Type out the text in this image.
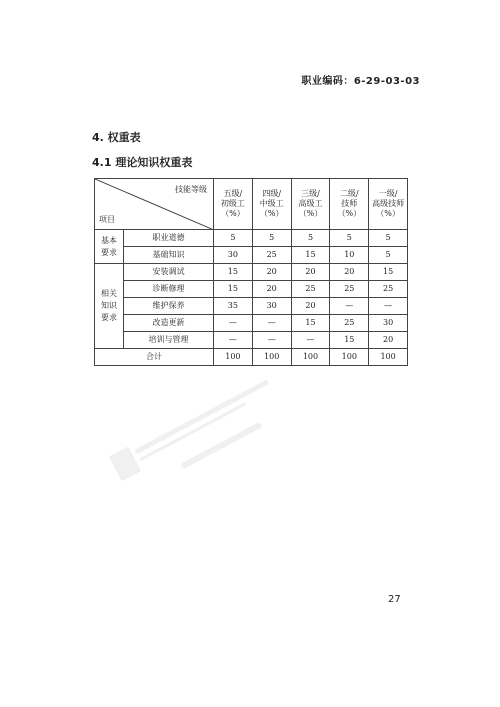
职业编码：6-29-03-03
4. 权重表
4.1 理论知识权重表
技能等级
项目		五级/
初级工
（%）	四级/
中级工
（%）	三级/
高级工
（%）	二级/
技师
（%）	一级/
高级技师
（%）
基本
要求	职业道德	5	5	5	5	5
	基础知识	30	25	15	10	5
相关
知识
要求	安装调试	15	20	20	20	15
	诊断修理	15	20	25	25	25
	维护保养	35	30	20	—	—
	改造更新	—	—	15	25	30
	培训与管理	—	—	—	15	20
合计		100	100	100	100	100
27
